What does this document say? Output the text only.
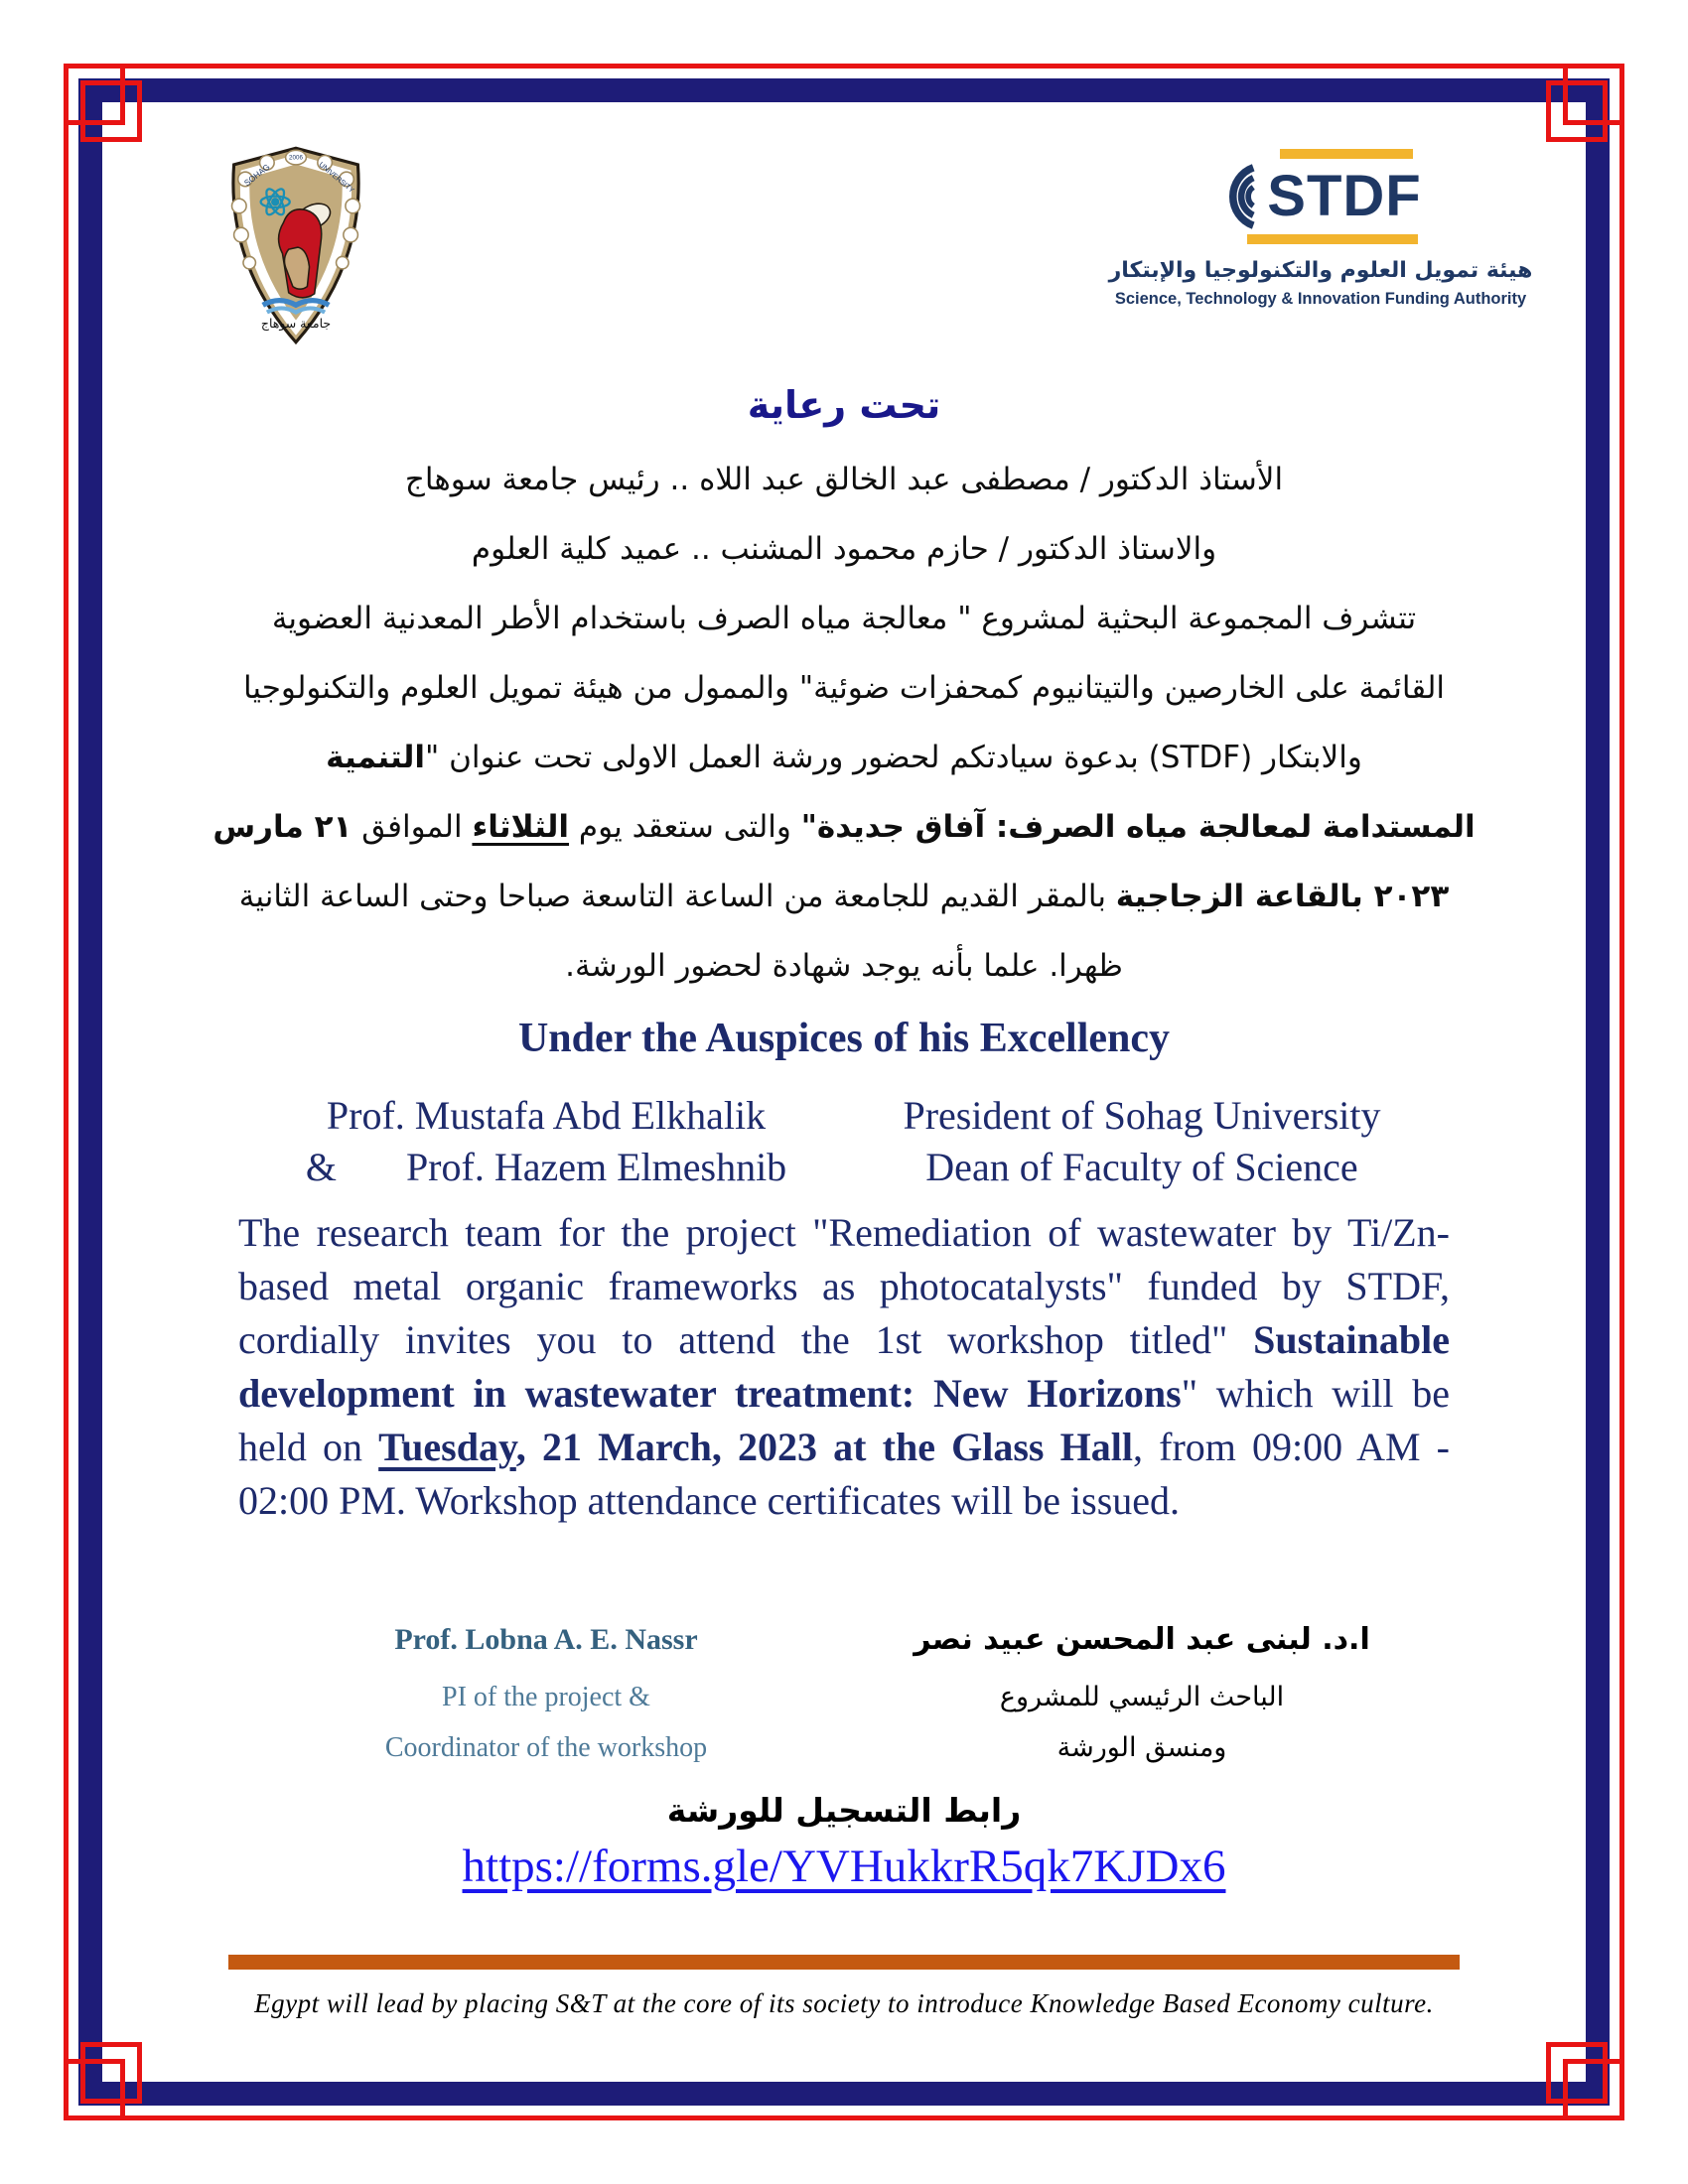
2006
SOHAG	UNIVERSITY
جامعة سوهاج
STDF
هيئة تمويل العلوم والتكنولوجيا والإبتكار
Science, Technology & Innovation Funding Authority
تحت رعاية
الأستاذ الدكتور / مصطفى عبد الخالق عبد اللاه .. رئيس جامعة سوهاج
والاستاذ الدكتور / حازم محمود المشنب .. عميد كلية العلوم
تتشرف المجموعة البحثية لمشروع " معالجة مياه الصرف باستخدام الأطر المعدنية العضوية
القائمة على الخارصين والتيتانيوم كمحفزات ضوئية" والممول من هيئة تمويل العلوم والتكنولوجيا
والابتكار (STDF) بدعوة سيادتكم لحضور ورشة العمل الاولى تحت عنوان "التنمية
المستدامة لمعالجة مياه الصرف: آفاق جديدة" والتى ستعقد يوم الثلاثاء الموافق ٢١ مارس
٢٠٢٣ بالقاعة الزجاجية بالمقر القديم للجامعة من الساعة التاسعة صباحا وحتى الساعة الثانية
ظهرا. علما بأنه يوجد شهادة لحضور الورشة.
Under the Auspices of his Excellency
Prof. Mustafa Abd Elkhalik	President of Sohag University
& Prof. Hazem Elmeshnib	Dean of Faculty of Science
The research team for the project "Remediation of wastewater by Ti/Zn-based metal organic frameworks as photocatalysts" funded by STDF, cordially invites you to attend the 1st workshop titled" Sustainable development in wastewater treatment: New Horizons" which will be held on Tuesday, 21 March, 2023 at the Glass Hall, from 09:00 AM - 02:00 PM. Workshop attendance certificates will be issued.
Prof. Lobna A. E. Nassr
PI of the project &
Coordinator of the workshop
ا.د. لبنى عبد المحسن عبيد نصر
الباحث الرئيسي للمشروع
ومنسق الورشة
رابط التسجيل للورشة
https://forms.gle/YVHukkrR5qk7KJDx6
Egypt will lead by placing S&T at the core of its society to introduce Knowledge Based Economy culture.
